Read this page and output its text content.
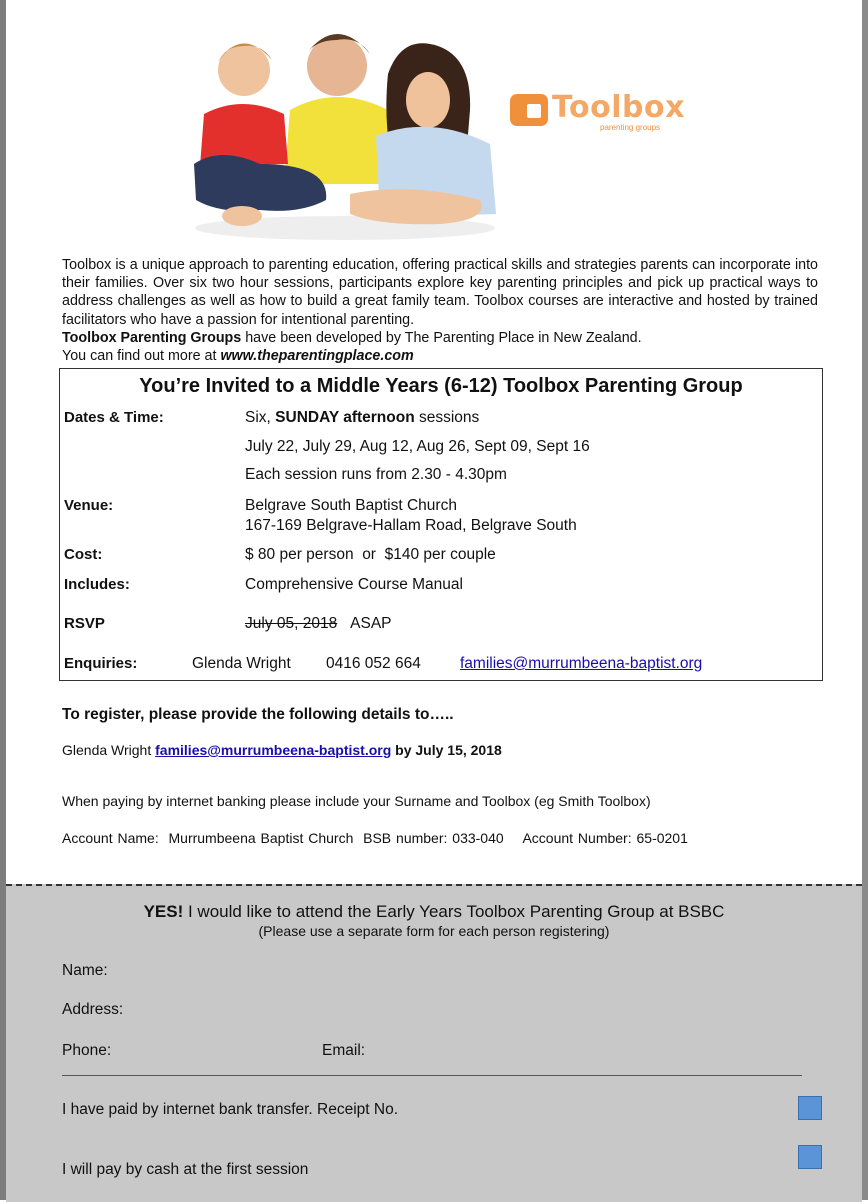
Toolbox
parenting groups

Toolbox is a unique approach to parenting education, offering practical skills and strategies parents can incorporate into their families. Over six two hour sessions, participants explore key parenting principles and pick up practical ways to address challenges as well as how to build a great family team. Toolbox courses are interactive and hosted by trained facilitators who have a passion for intentional parenting.

Toolbox Parenting Groups have been developed by The Parenting Place in New Zealand.

You can find out more at www.theparentingplace.com

You’re Invited to a Middle Years (6-12) Toolbox Parenting Group
Dates & Time:	Six, SUNDAY afternoon sessions
July 22, July 29, Aug 12, Aug 26, Sept 09, Sept 16
Each session runs from 2.30 - 4.30pm
Venue:	Belgrave South Baptist Church
167-169 Belgrave-Hallam Road, Belgrave South
Cost:	$ 80 per person  or  $140 per couple
Includes:	Comprehensive Course Manual
RSVP	July 05, 2018 ASAP
Enquiries:	Glenda Wright 0416 052 664	families@murrumbeena-baptist.org
To register, please provide the following details to…..
Glenda Wright families@murrumbeena-baptist.org by July 15, 2018
When paying by internet banking please include your Surname and Toolbox (eg Smith Toolbox)
Account Name:  Murrumbeena Baptist Church  BSB number: 033-040    Account Number: 65-0201
YES! I would like to attend the Early Years Toolbox Parenting Group at BSBC
(Please use a separate form for each person registering)
Name:
Address:
Phone:	Email:
I have paid by internet bank transfer. Receipt No.
I will pay by cash at the first session
